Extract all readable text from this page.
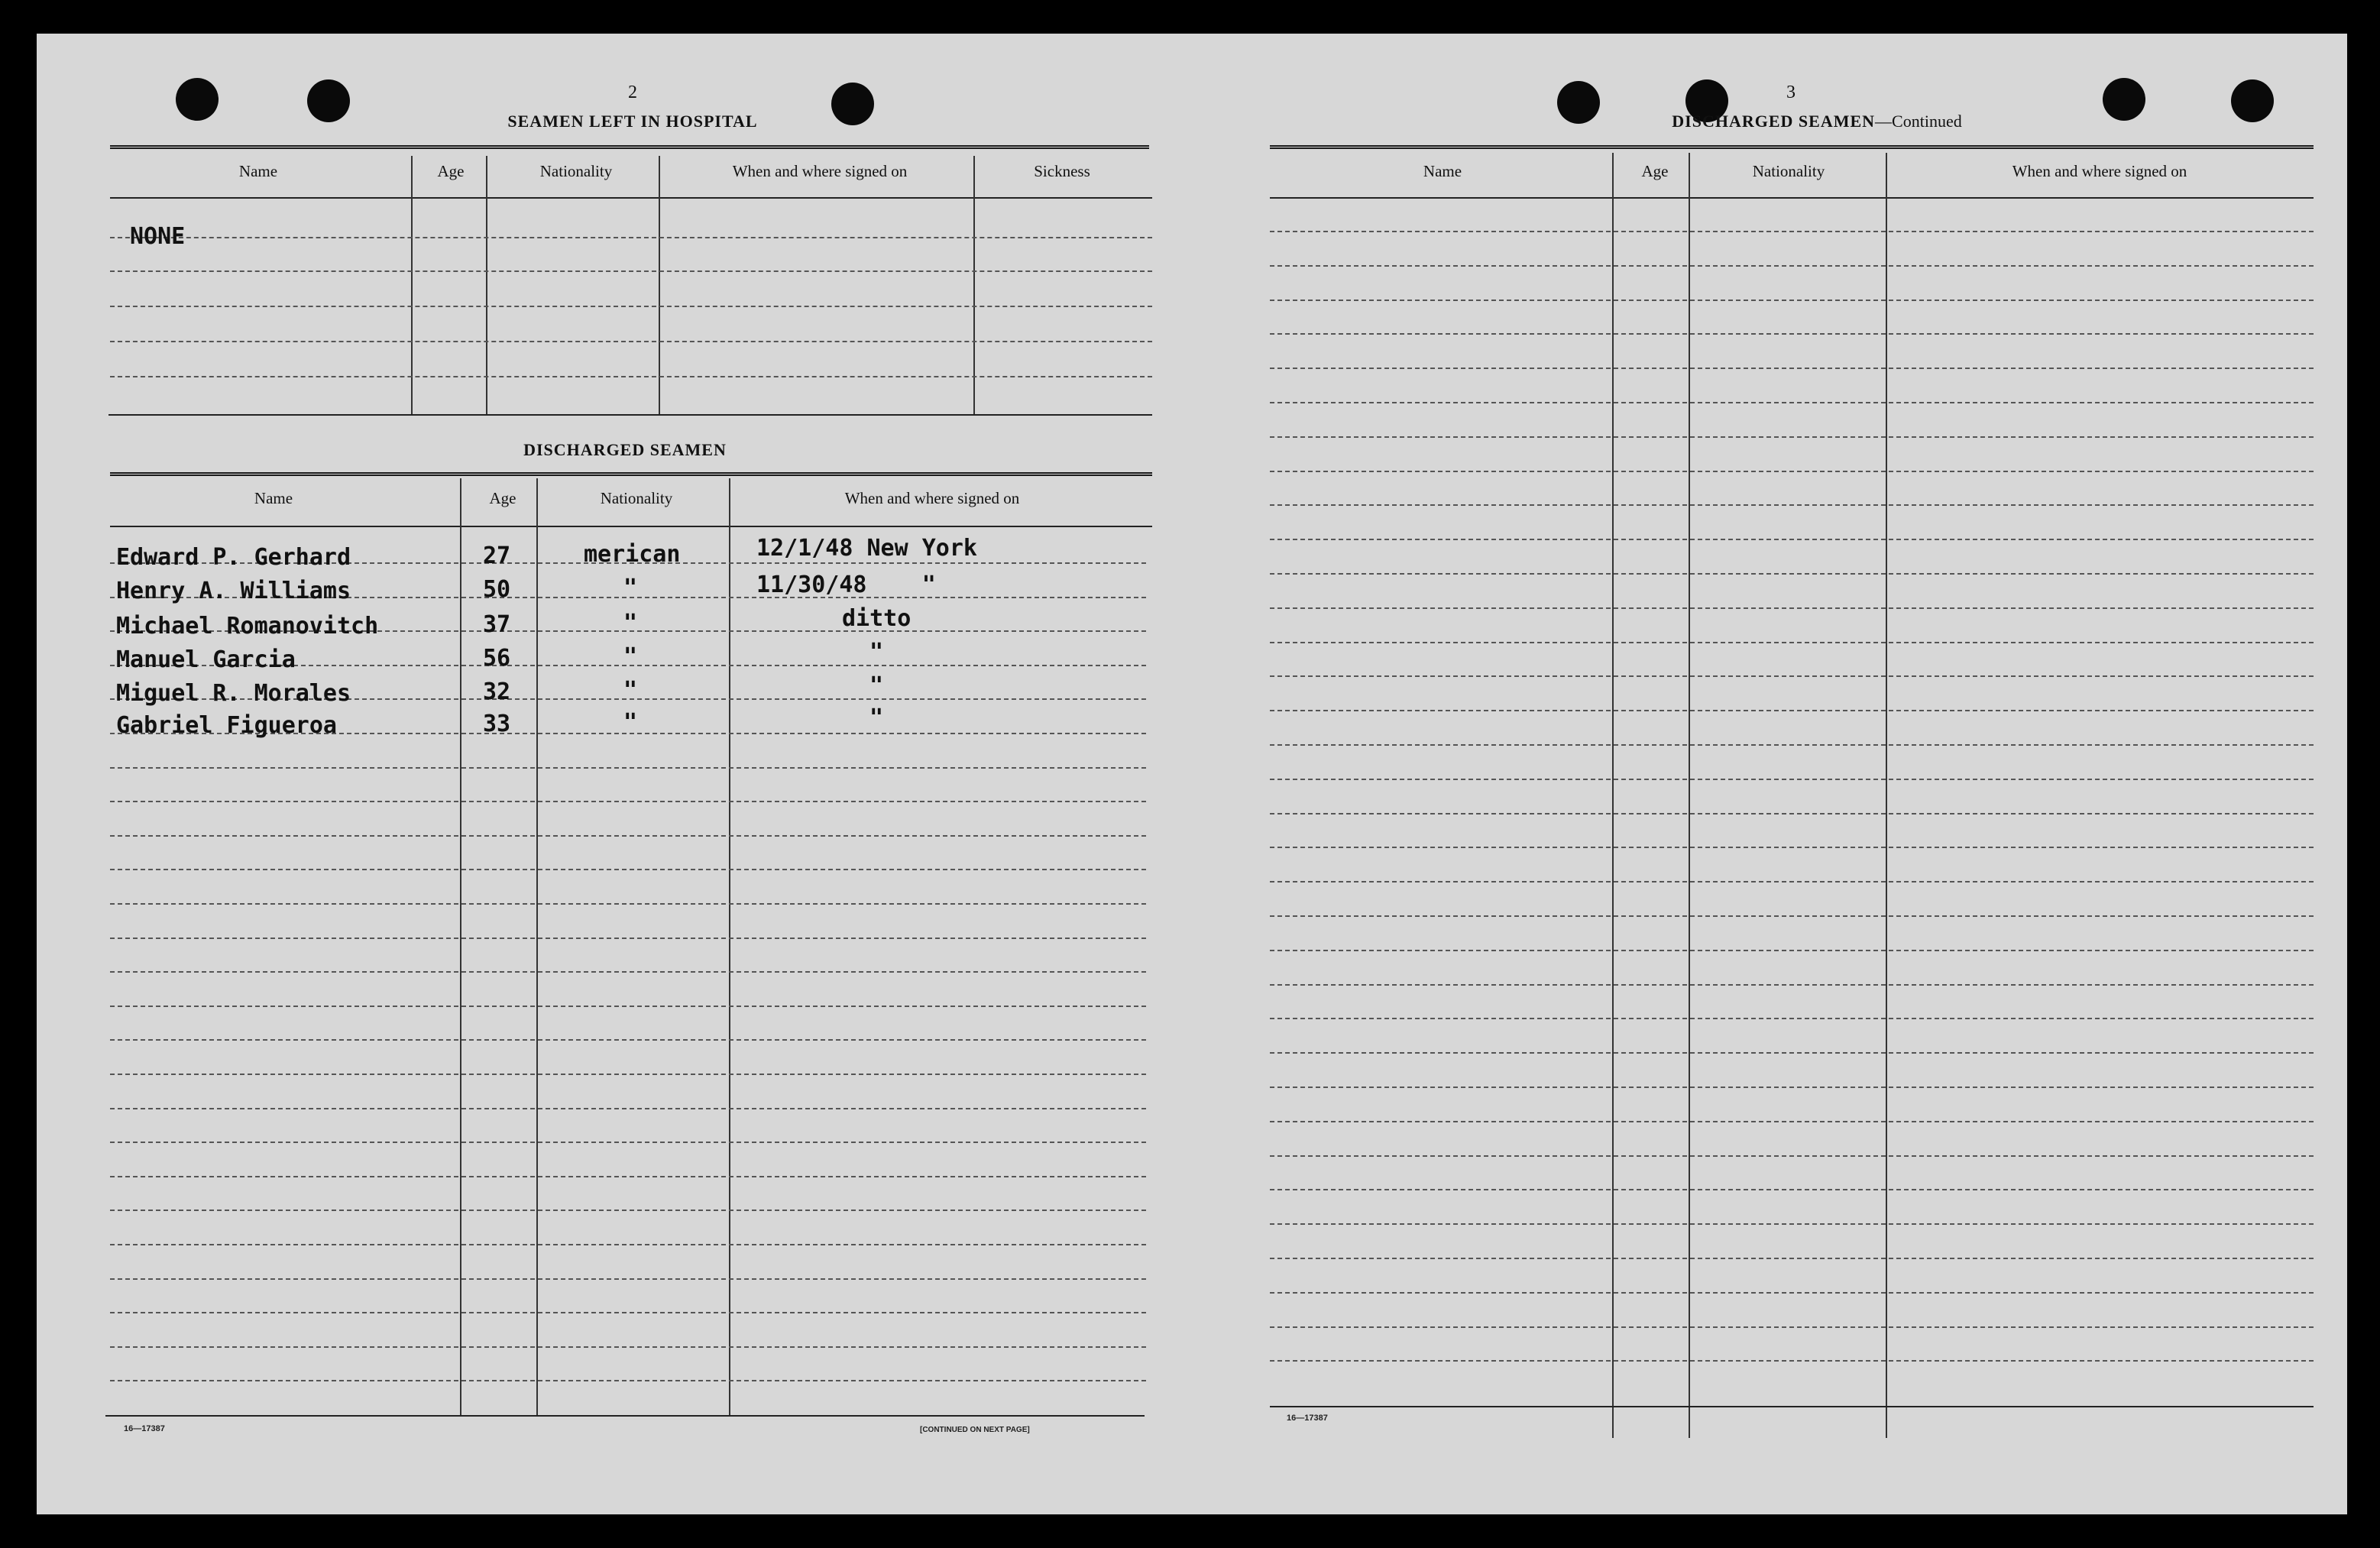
2
SEAMEN LEFT IN HOSPITAL
Name	Age	Nationality	When and where signed on	Sickness
NONE
DISCHARGED SEAMEN
Name	Age	Nationality	When and where signed on
Edward P. Gerhard	27	merican	12/1/48 New York
Henry A. Williams	50	"	11/30/48    "
Michael Romanovitch	37	"	ditto
Manuel Garcia	56	"	"
Miguel R. Morales	32	"	"
Gabriel Figueroa	33	"	"
16—17387	[CONTINUED ON NEXT PAGE]
3
DISCHARGED SEAMEN—Continued
Name	Age	Nationality	When and where signed on
16—17387
